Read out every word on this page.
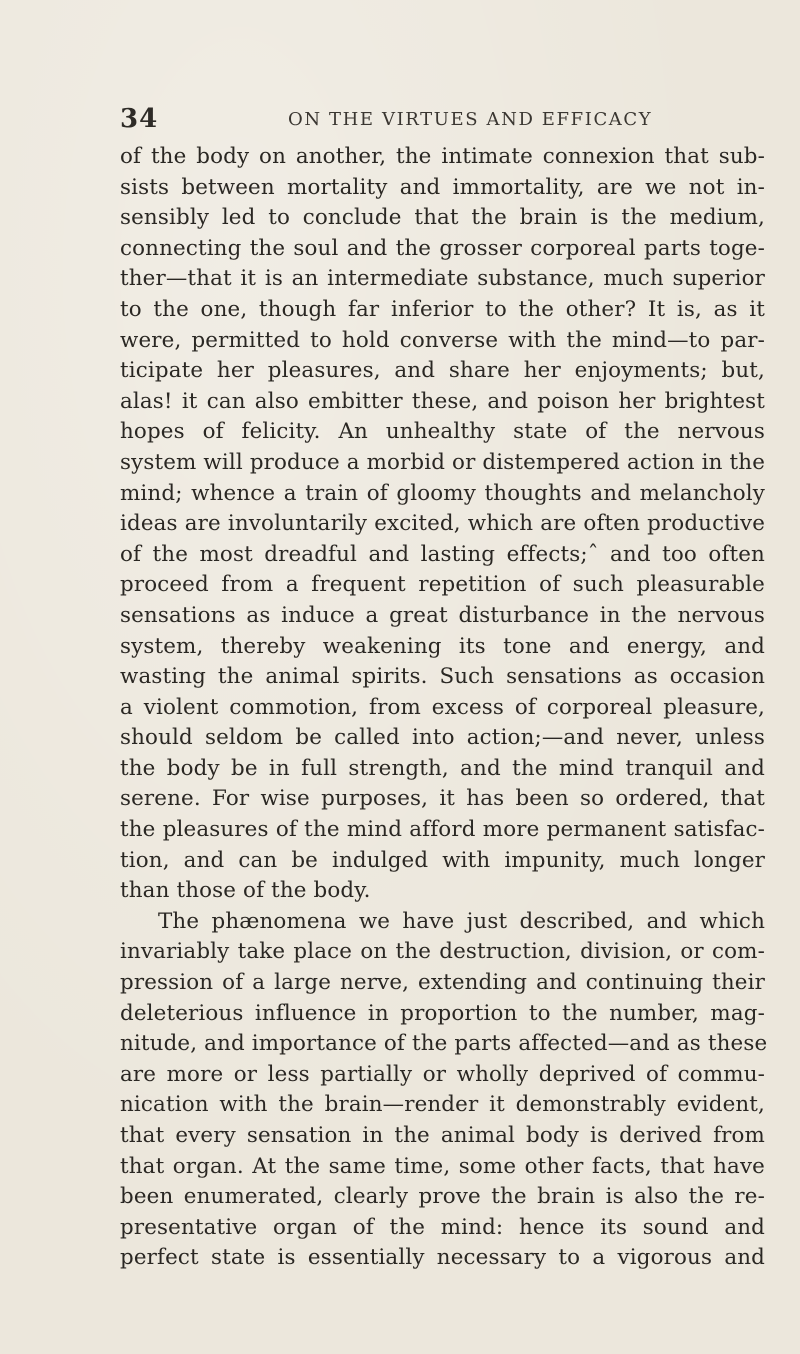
34	ON THE VIRTUES AND EFFICACY
of the body on another, the intimate connexion that sub-
sists between mortality and immortality, are we not in-
sensibly led to conclude that the brain is the medium,
connecting the soul and the grosser corporeal parts toge-
ther—that it is an intermediate substance, much superior
to the one, though far inferior to the other? It is, as it
were, permitted to hold converse with the mind—to par-
ticipate her pleasures, and share her enjoyments; but,
alas! it can also embitter these, and poison her brightest
hopes of felicity. An unhealthy state of the nervous
system will produce a morbid or distempered action in the
mind; whence a train of gloomy thoughts and melancholy
ideas are involuntarily excited, which are often productive
of the most dreadful and lasting effects;ˆ and too often
proceed from a frequent repetition of such pleasurable
sensations as induce a great disturbance in the nervous
system, thereby weakening its tone and energy, and
wasting the animal spirits. Such sensations as occasion
a violent commotion, from excess of corporeal pleasure,
should seldom be called into action;—and never, unless
the body be in full strength, and the mind tranquil and
serene. For wise purposes, it has been so ordered, that
the pleasures of the mind afford more permanent satisfac-
tion, and can be indulged with impunity, much longer
than those of the body.
The phænomena we have just described, and which
invariably take place on the destruction, division, or com-
pression of a large nerve, extending and continuing their
deleterious influence in proportion to the number, mag-
nitude, and importance of the parts affected—and as these
are more or less partially or wholly deprived of commu-
nication with the brain—render it demonstrably evident,
that every sensation in the animal body is derived from
that organ. At the same time, some other facts, that have
been enumerated, clearly prove the brain is also the re-
presentative organ of the mind: hence its sound and
perfect state is essentially necessary to a vigorous and
